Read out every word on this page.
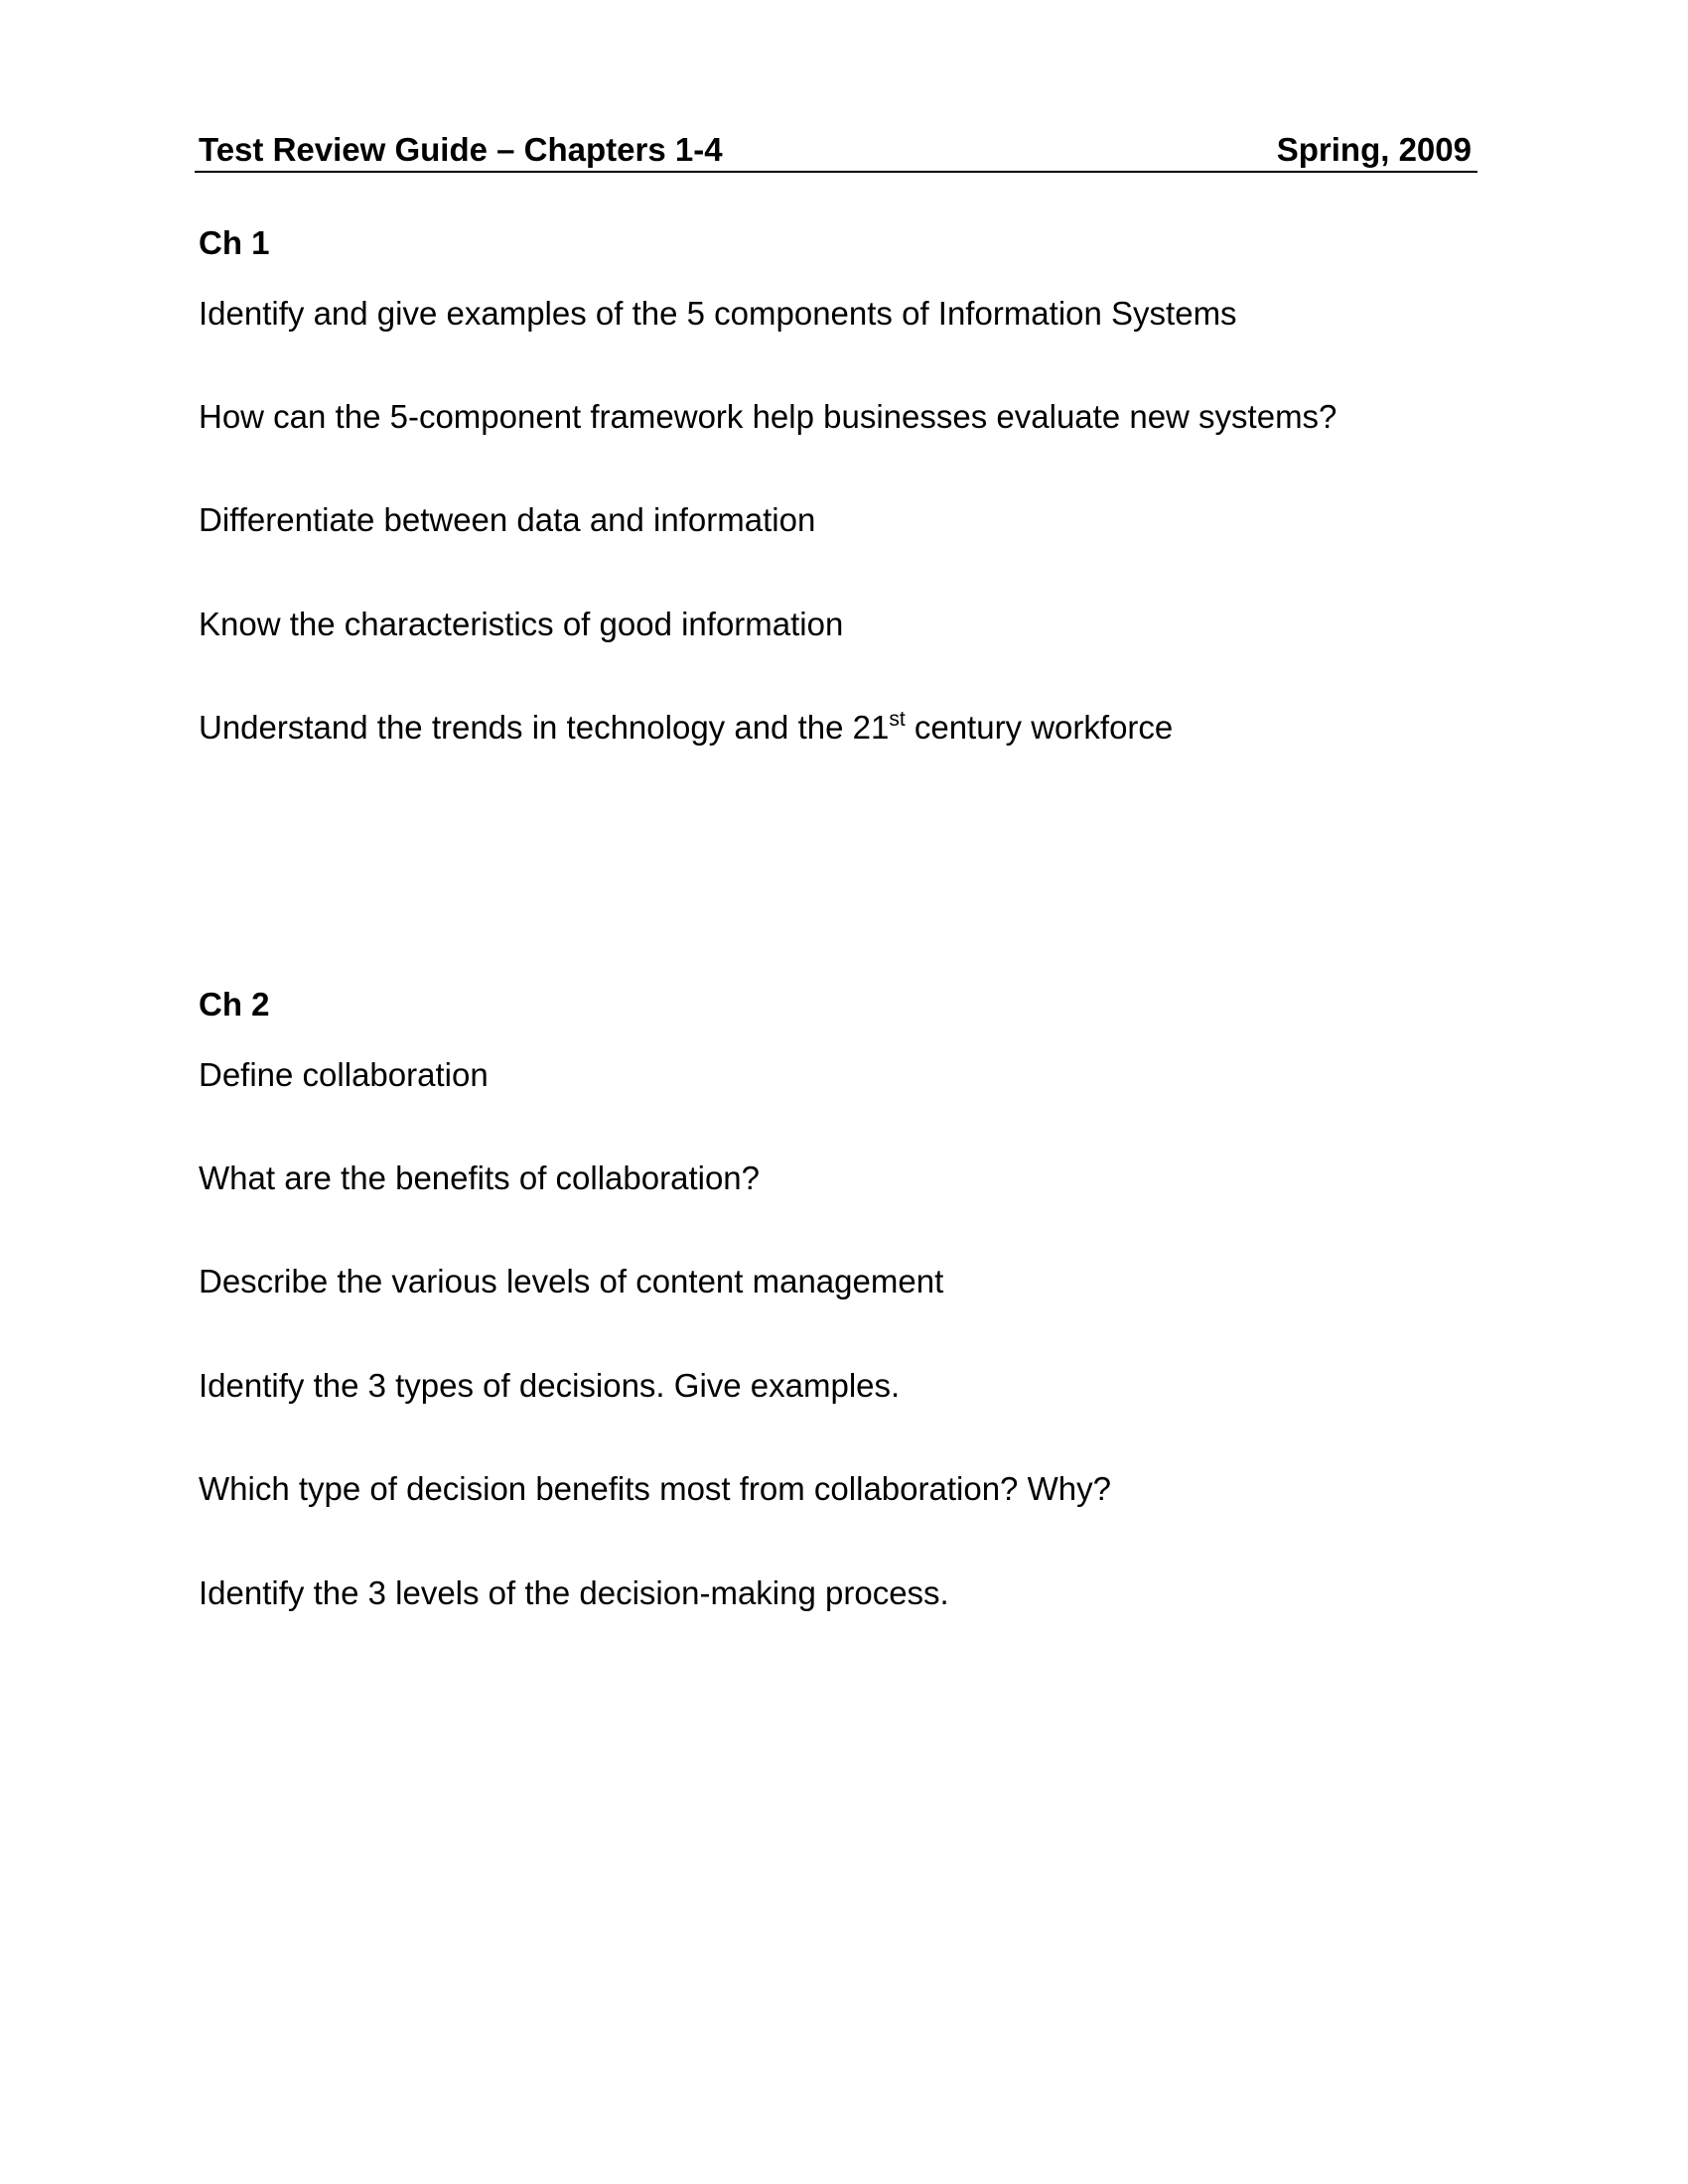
Test Review Guide – Chapters 1-4	Spring, 2009
Ch 1
Identify and give examples of the 5 components of Information Systems
How can the 5-component framework help businesses evaluate new systems?
Differentiate between data and information
Know the characteristics of good information
Understand the trends in technology and the 21st century workforce
Ch 2
Define collaboration
What are the benefits of collaboration?
Describe the various levels of content management
Identify the 3 types of decisions. Give examples.
Which type of decision benefits most from collaboration? Why?
Identify the 3 levels of the decision-making process.
